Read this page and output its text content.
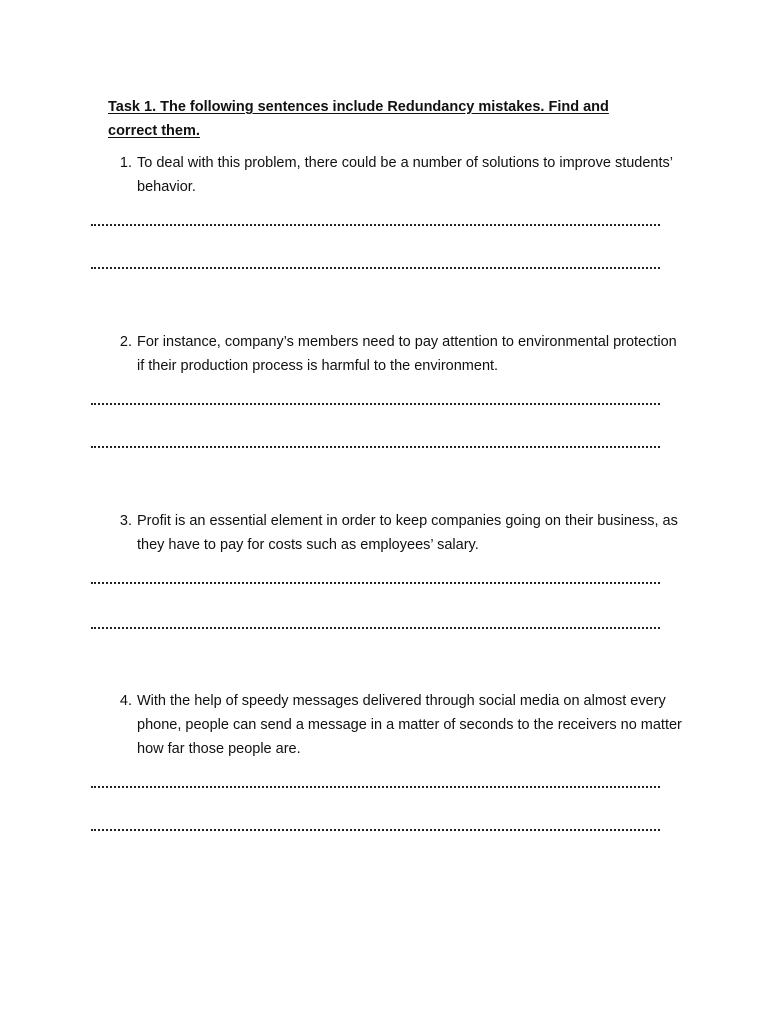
Task 1. The following sentences include Redundancy mistakes. Find and correct them.
1. To deal with this problem, there could be a number of solutions to improve students’ behavior.
2. For instance, company’s members need to pay attention to environmental protection if their production process is harmful to the environment.
3. Profit is an essential element in order to keep companies going on their business, as they have to pay for costs such as employees’ salary.
4. With the help of speedy messages delivered through social media on almost every phone, people can send a message in a matter of seconds to the receivers no matter how far those people are.
